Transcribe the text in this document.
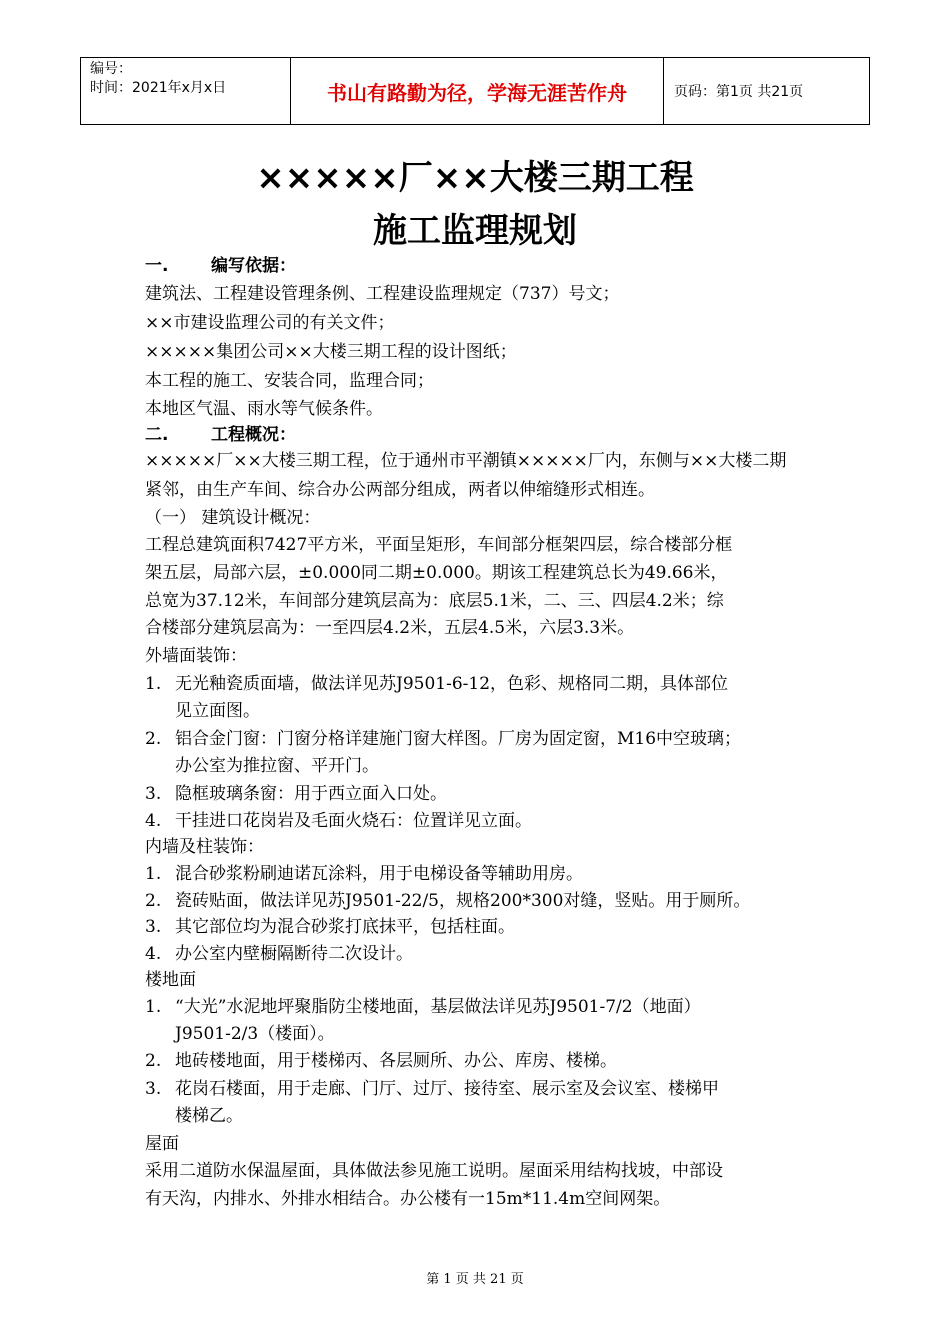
编号：
时间：2021年x月x日	书山有路勤为径，学海无涯苦作舟	页码：第1页 共21页
×××××厂××大楼三期工程
施工监理规划
一.	编写依据：
建筑法、工程建设管理条例、工程建设监理规定（737）号文；
××市建设监理公司的有关文件；
×××××集团公司××大楼三期工程的设计图纸；
本工程的施工、安装合同，监理合同；
本地区气温、雨水等气候条件。
二.	工程概况：
×××××厂××大楼三期工程，位于通州市平潮镇×××××厂内，东侧与××大楼二期
紧邻，由生产车间、综合办公两部分组成，两者以伸缩缝形式相连。
（一） 建筑设计概况：
工程总建筑面积7427平方米，平面呈矩形，车间部分框架四层，综合楼部分框
架五层，局部六层，±0.000同二期±0.000。期该工程建筑总长为49.66米，
总宽为37.12米，车间部分建筑层高为：底层5.1米，二、三、四层4.2米；综
合楼部分建筑层高为：一至四层4.2米，五层4.5米，六层3.3米。
外墙面装饰：
1. 无光釉瓷质面墙，做法详见苏J9501-6-12，色彩、规格同二期，具体部位
见立面图。
2. 铝合金门窗：门窗分格详建施门窗大样图。厂房为固定窗，M16中空玻璃；
办公室为推拉窗、平开门。
3. 隐框玻璃条窗：用于西立面入口处。
4. 干挂进口花岗岩及毛面火烧石：位置详见立面。
内墙及柱装饰：
1. 混合砂浆粉刷迪诺瓦涂料，用于电梯设备等辅助用房。
2. 瓷砖贴面，做法详见苏J9501-22/5，规格200*300对缝，竖贴。用于厕所。
3. 其它部位均为混合砂浆打底抹平，包括柱面。
4. 办公室内壁橱隔断待二次设计。
楼地面
1. “大光”水泥地坪聚脂防尘楼地面，基层做法详见苏J9501-7/2（地面）
J9501-2/3（楼面）。
2. 地砖楼地面，用于楼梯丙、各层厕所、办公、库房、楼梯。
3. 花岗石楼面，用于走廊、门厅、过厅、接待室、展示室及会议室、楼梯甲
楼梯乙。
屋面
采用二道防水保温屋面，具体做法参见施工说明。屋面采用结构找坡，中部设
有天沟，内排水、外排水相结合。办公楼有一15m*11.4m空间网架。
第 1 页 共 21 页
